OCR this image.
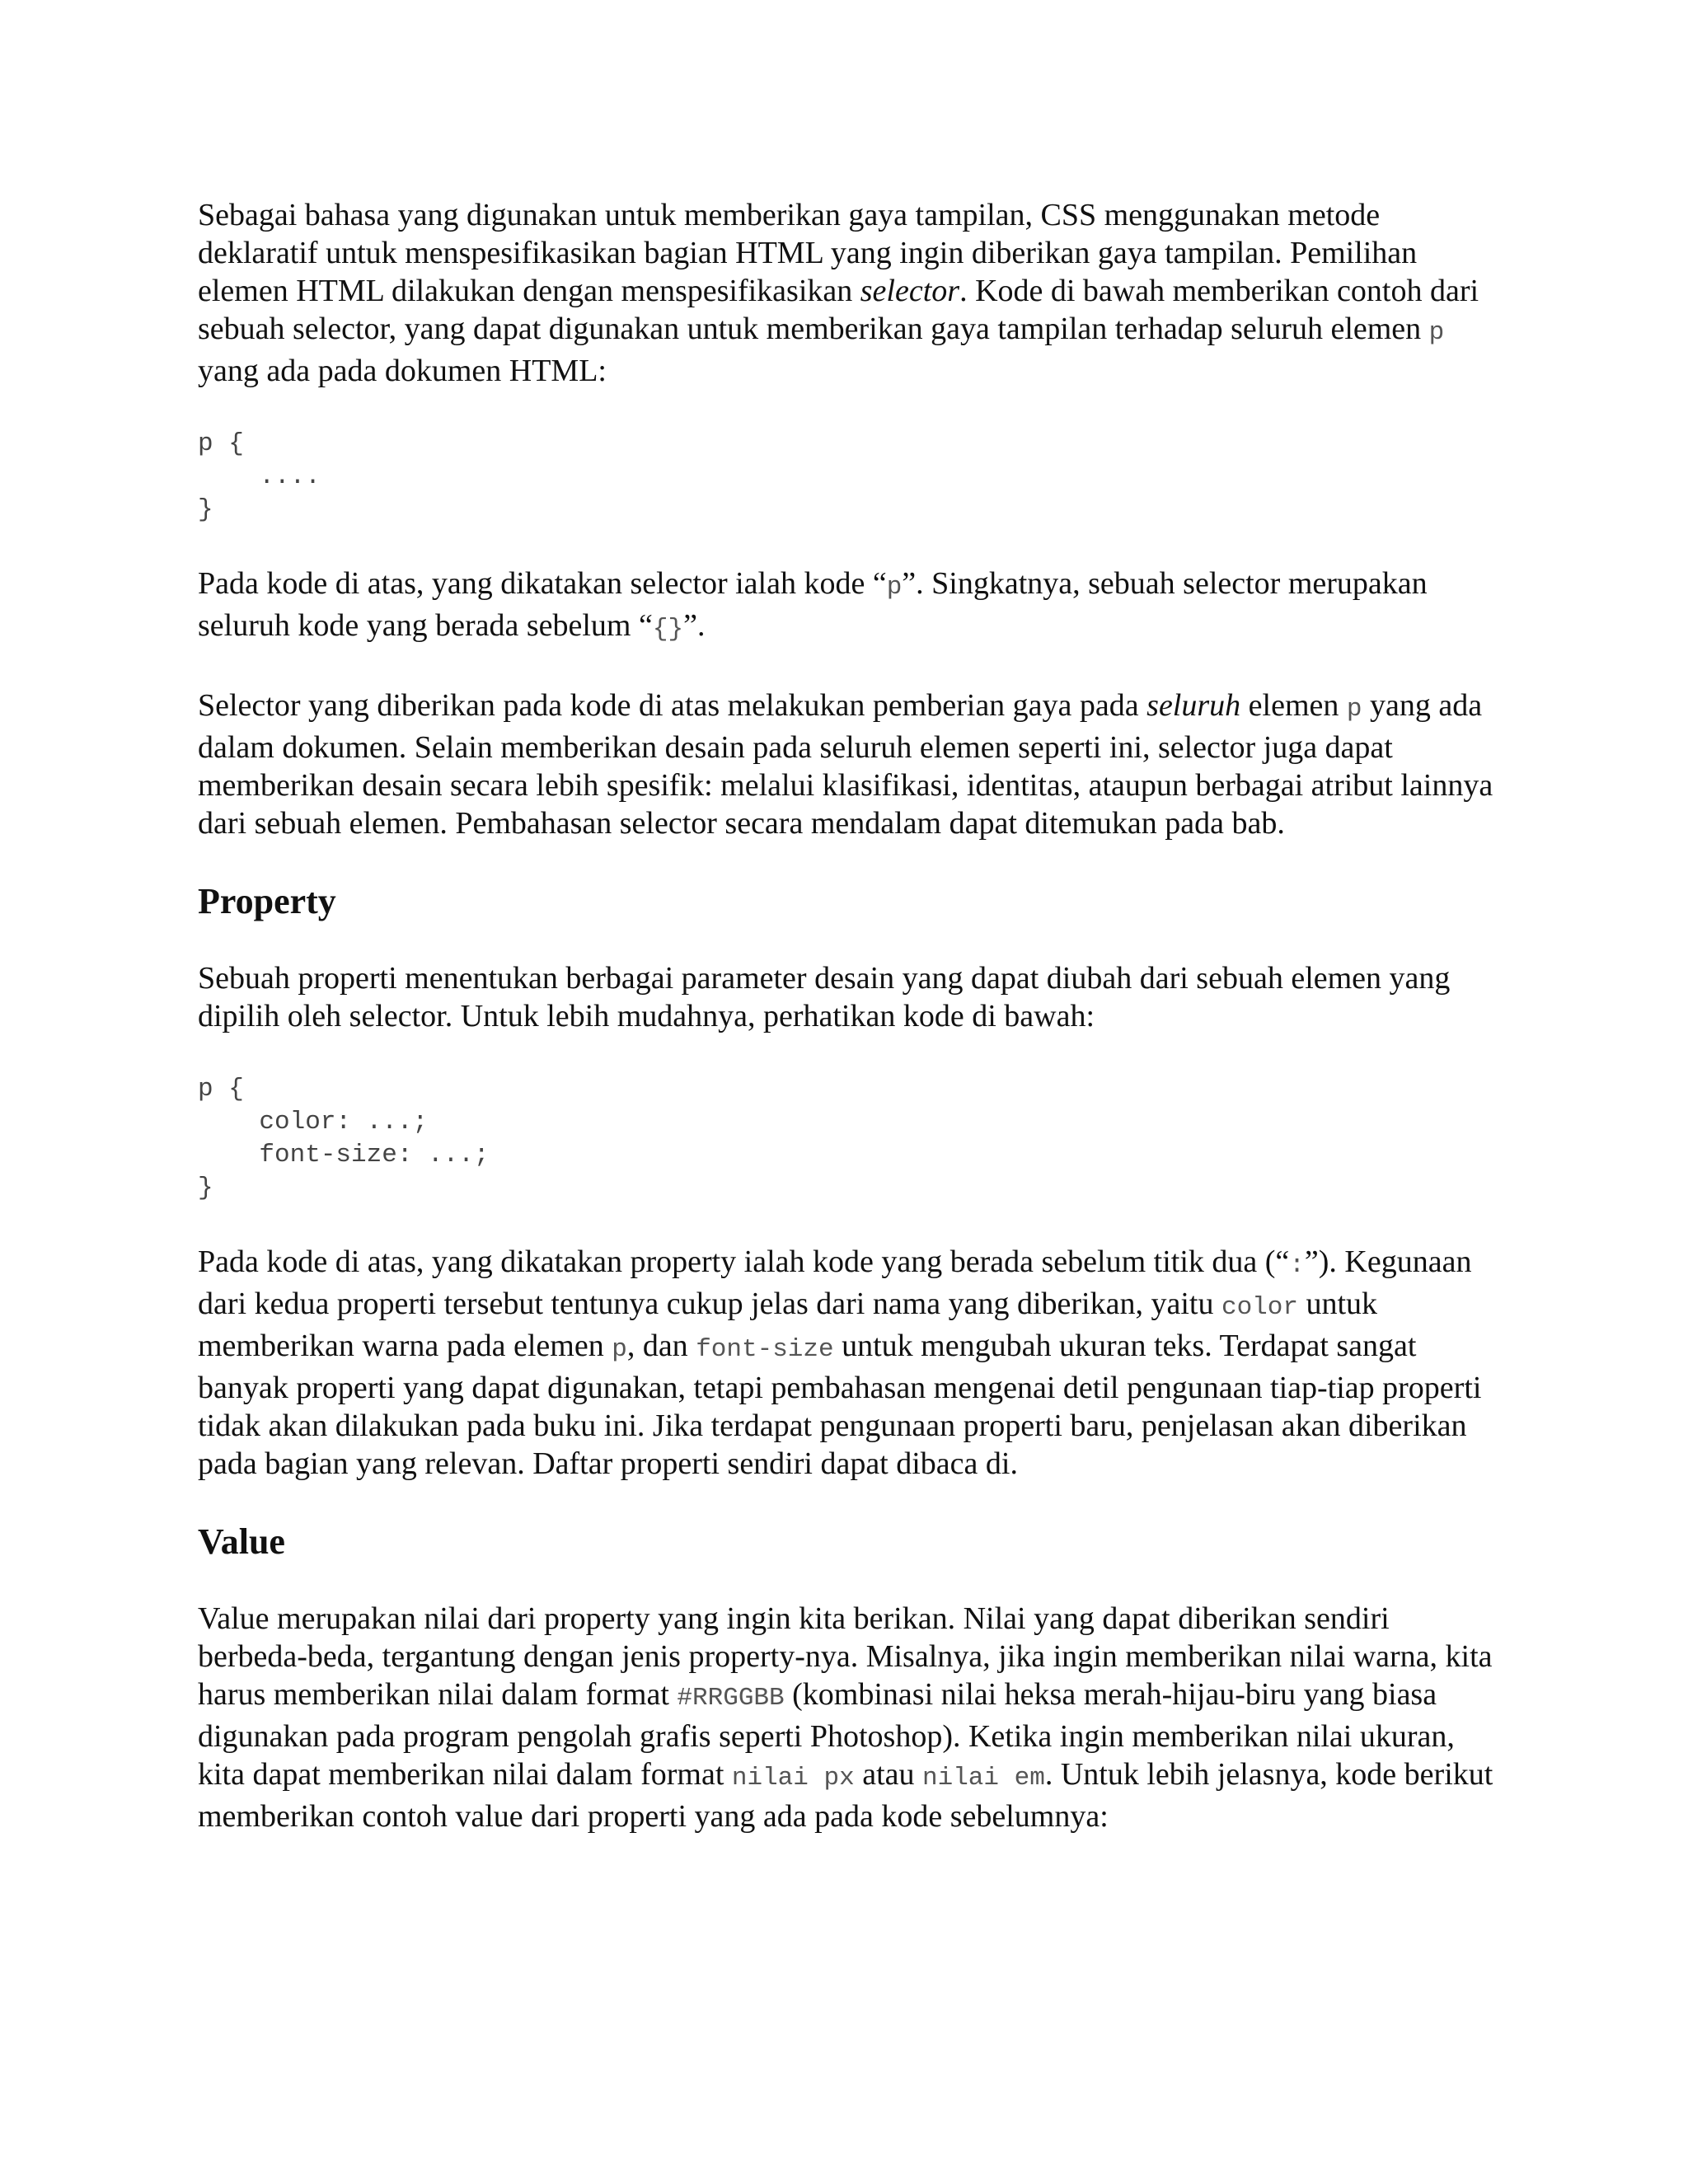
Sebagai bahasa yang digunakan untuk memberikan gaya tampilan, CSS menggunakan metode deklaratif untuk menspesifikasikan bagian HTML yang ingin diberikan gaya tampilan. Pemilihan elemen HTML dilakukan dengan menspesifikasikan selector. Kode di bawah memberikan contoh dari sebuah selector, yang dapat digunakan untuk memberikan gaya tampilan terhadap seluruh elemen p yang ada pada dokumen HTML:

p {
....
}

Pada kode di atas, yang dikatakan selector ialah kode “p”. Singkatnya, sebuah selector merupakan seluruh kode yang berada sebelum “{}”.

Selector yang diberikan pada kode di atas melakukan pemberian gaya pada seluruh elemen p yang ada dalam dokumen. Selain memberikan desain pada seluruh elemen seperti ini, selector juga dapat memberikan desain secara lebih spesifik: melalui klasifikasi, identitas, ataupun berbagai atribut lainnya dari sebuah elemen. Pembahasan selector secara mendalam dapat ditemukan pada bab.

Property

Sebuah properti menentukan berbagai parameter desain yang dapat diubah dari sebuah elemen yang dipilih oleh selector. Untuk lebih mudahnya, perhatikan kode di bawah:

p {
color: ...;
font-size: ...;
}

Pada kode di atas, yang dikatakan property ialah kode yang berada sebelum titik dua (“:”). Kegunaan dari kedua properti tersebut tentunya cukup jelas dari nama yang diberikan, yaitu color untuk memberikan warna pada elemen p, dan font-size untuk mengubah ukuran teks. Terdapat sangat banyak properti yang dapat digunakan, tetapi pembahasan mengenai detil pengunaan tiap-tiap properti tidak akan dilakukan pada buku ini. Jika terdapat pengunaan properti baru, penjelasan akan diberikan pada bagian yang relevan. Daftar properti sendiri dapat dibaca di.

Value

Value merupakan nilai dari property yang ingin kita berikan. Nilai yang dapat diberikan sendiri berbeda-beda, tergantung dengan jenis property-nya. Misalnya, jika ingin memberikan nilai warna, kita harus memberikan nilai dalam format #RRGGBB (kombinasi nilai heksa merah-hijau-biru yang biasa digunakan pada program pengolah grafis seperti Photoshop). Ketika ingin memberikan nilai ukuran, kita dapat memberikan nilai dalam format nilai px atau nilai em. Untuk lebih jelasnya, kode berikut memberikan contoh value dari properti yang ada pada kode sebelumnya:
